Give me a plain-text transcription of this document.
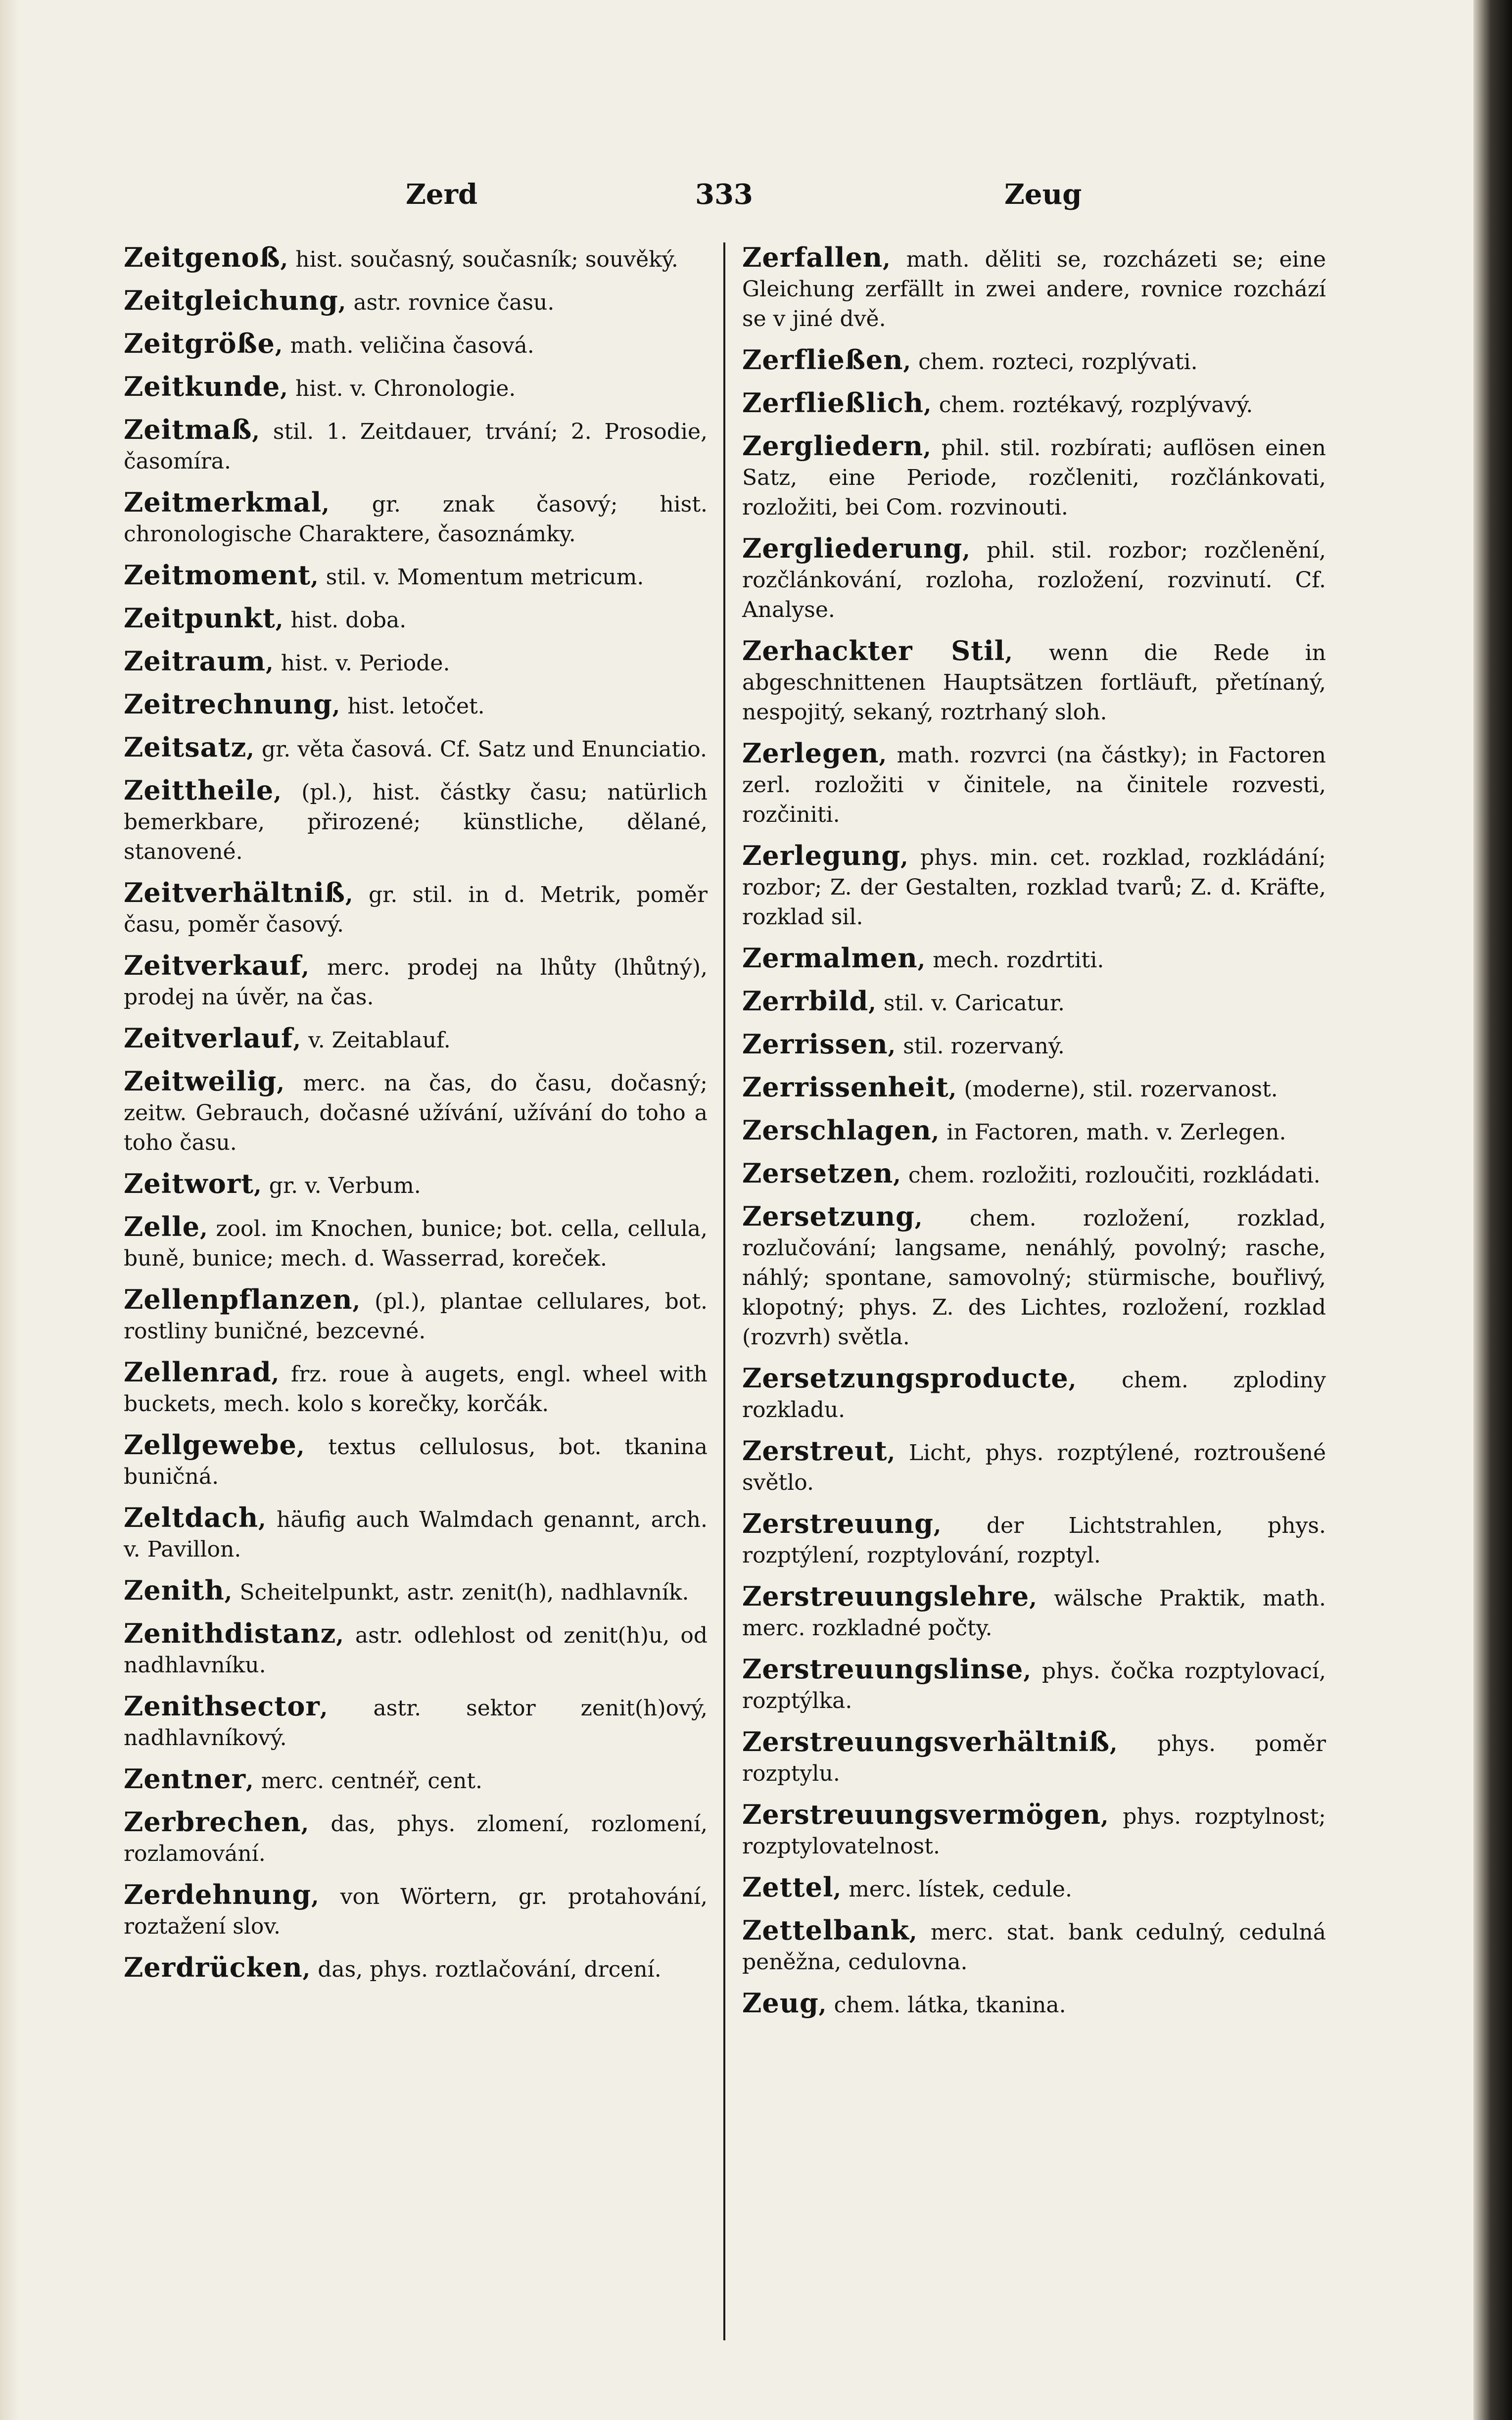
Zerd	333	Zeug
Zeitgenoß, hist. současný, současník; souvěký.
Zeitgleichung, astr. rovnice času.
Zeitgröße, math. veličina časová.
Zeitkunde, hist. v. Chronologie.
Zeitmaß, stil. 1. Zeitdauer, trvání; 2. Prosodie, časomíra.
Zeitmerkmal, gr. znak časový; hist. chronologische Charaktere, časoznámky.
Zeitmoment, stil. v. Momentum metricum.
Zeitpunkt, hist. doba.
Zeitraum, hist. v. Periode.
Zeitrechnung, hist. letočet.
Zeitsatz, gr. věta časová. Cf. Satz und Enunciatio.
Zeittheile, (pl.), hist. částky času; natürlich bemerkbare, přirozené; künstliche, dělané, stanovené.
Zeitverhältniß, gr. stil. in d. Metrik, poměr času, poměr časový.
Zeitverkauf, merc. prodej na lhůty (lhůtný), prodej na úvěr, na čas.
Zeitverlauf, v. Zeitablauf.
Zeitweilig, merc. na čas, do času, dočasný; zeitw. Gebrauch, dočasné užívání, užívání do toho a toho času.
Zeitwort, gr. v. Verbum.
Zelle, zool. im Knochen, bunice; bot. cella, cellula, buně, bunice; mech. d. Wasserrad, koreček.
Zellenpflanzen, (pl.), plantae cellulares, bot. rostliny buničné, bezcevné.
Zellenrad, frz. roue à augets, engl. wheel with buckets, mech. kolo s korečky, korčák.
Zellgewebe, textus cellulosus, bot. tkanina buničná.
Zeltdach, häufig auch Walmdach genannt, arch. v. Pavillon.
Zenith, Scheitelpunkt, astr. zenit(h), nadhlavník.
Zenithdistanz, astr. odlehlost od zenit(h)u, od nadhlavníku.
Zenithsector, astr. sektor zenit(h)ový, nadhlavníkový.
Zentner, merc. centnéř, cent.
Zerbrechen, das, phys. zlomení, rozlomení, rozlamování.
Zerdehnung, von Wörtern, gr. protahování, roztažení slov.
Zerdrücken, das, phys. roztlačování, drcení.
Zerfallen, math. děliti se, rozcházeti se; eine Gleichung zerfällt in zwei andere, rovnice rozchází se v jiné dvě.
Zerfließen, chem. rozteci, rozplývati.
Zerfließlich, chem. roztékavý, rozplývavý.
Zergliedern, phil. stil. rozbírati; auflösen einen Satz, eine Periode, rozčleniti, rozčlánkovati, rozložiti, bei Com. rozvinouti.
Zergliederung, phil. stil. rozbor; rozčlenění, rozčlánkování, rozloha, rozložení, rozvinutí. Cf. Analyse.
Zerhackter Stil, wenn die Rede in abgeschnittenen Hauptsätzen fortläuft, přetínaný, nespojitý, sekaný, roztrhaný sloh.
Zerlegen, math. rozvrci (na částky); in Factoren zerl. rozložiti v činitele, na činitele rozvesti, rozčiniti.
Zerlegung, phys. min. cet. rozklad, rozkládání; rozbor; Z. der Gestalten, rozklad tvarů; Z. d. Kräfte, rozklad sil.
Zermalmen, mech. rozdrtiti.
Zerrbild, stil. v. Caricatur.
Zerrissen, stil. rozervaný.
Zerrissenheit, (moderne), stil. rozervanost.
Zerschlagen, in Factoren, math. v. Zerlegen.
Zersetzen, chem. rozložiti, rozloučiti, rozkládati.
Zersetzung, chem. rozložení, rozklad, rozlučování; langsame, nenáhlý, povolný; rasche, náhlý; spontane, samovolný; stürmische, bouřlivý, klopotný; phys. Z. des Lichtes, rozložení, rozklad (rozvrh) světla.
Zersetzungsproducte, chem. zplodiny rozkladu.
Zerstreut, Licht, phys. rozptýlené, roztroušené světlo.
Zerstreuung, der Lichtstrahlen, phys. rozptýlení, rozptylování, rozptyl.
Zerstreuungslehre, wälsche Praktik, math. merc. rozkladné počty.
Zerstreuungslinse, phys. čočka rozptylovací, rozptýlka.
Zerstreuungsverhältniß, phys. poměr rozptylu.
Zerstreuungsvermögen, phys. rozptylnost; rozptylovatelnost.
Zettel, merc. lístek, cedule.
Zettelbank, merc. stat. bank cedulný, cedulná peněžna, cedulovna.
Zeug, chem. látka, tkanina.
